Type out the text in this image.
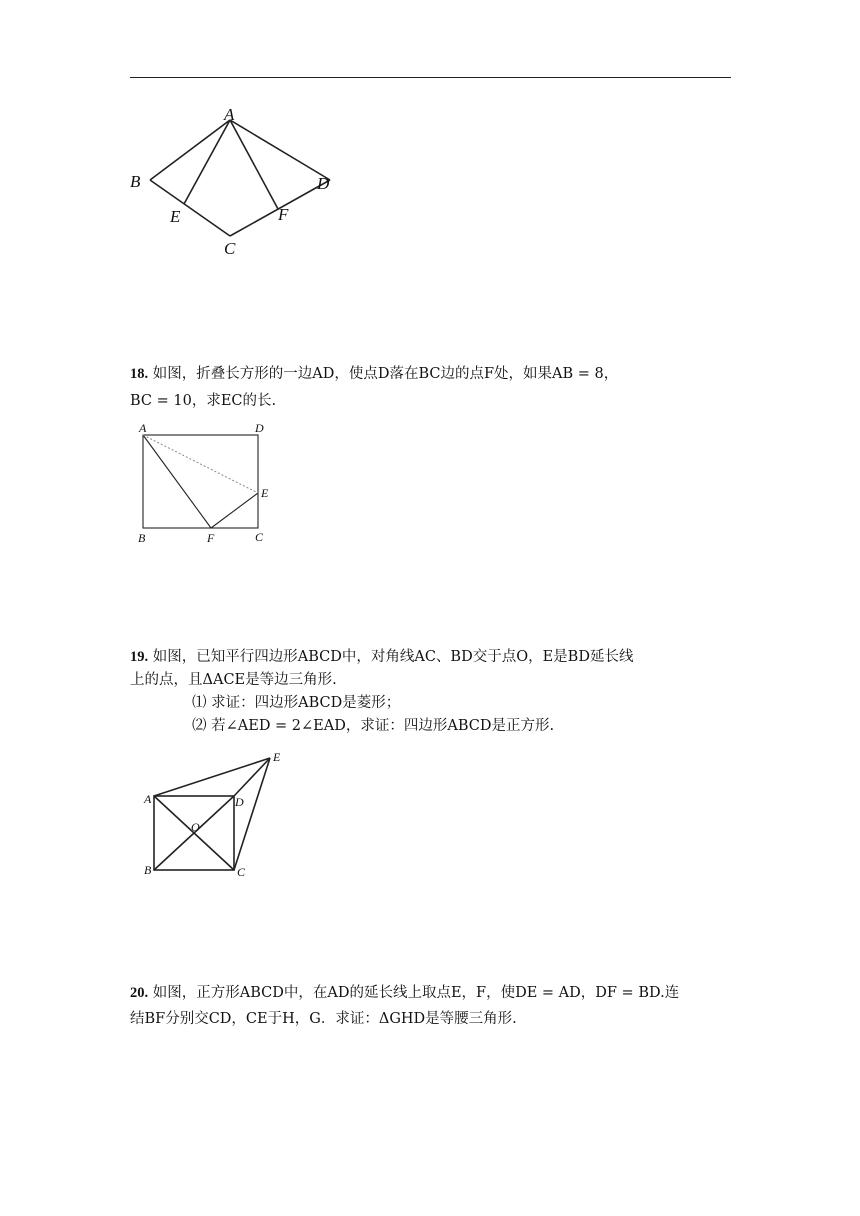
A
B
C
D
E	F
18. 如图，折叠长方形的一边AD，使点D落在BC边的点F处，如果AB = 8，
BC = 10，求EC的长.
A	D
E
B	F	C
19. 如图，已知平行四边形ABCD中，对角线AC、BD交于点O，E是BD延长线
上的点，且ΔACE是等边三角形.
⑴ 求证：四边形ABCD是菱形；
⑵ 若∠AED = 2∠EAD，求证：四边形ABCD是正方形.
A	D
E
O
B	C
20. 如图，正方形ABCD中，在AD的延长线上取点E，F，使DE = AD，DF = BD.连
结BF分别交CD，CE于H，G．求证：ΔGHD是等腰三角形.
